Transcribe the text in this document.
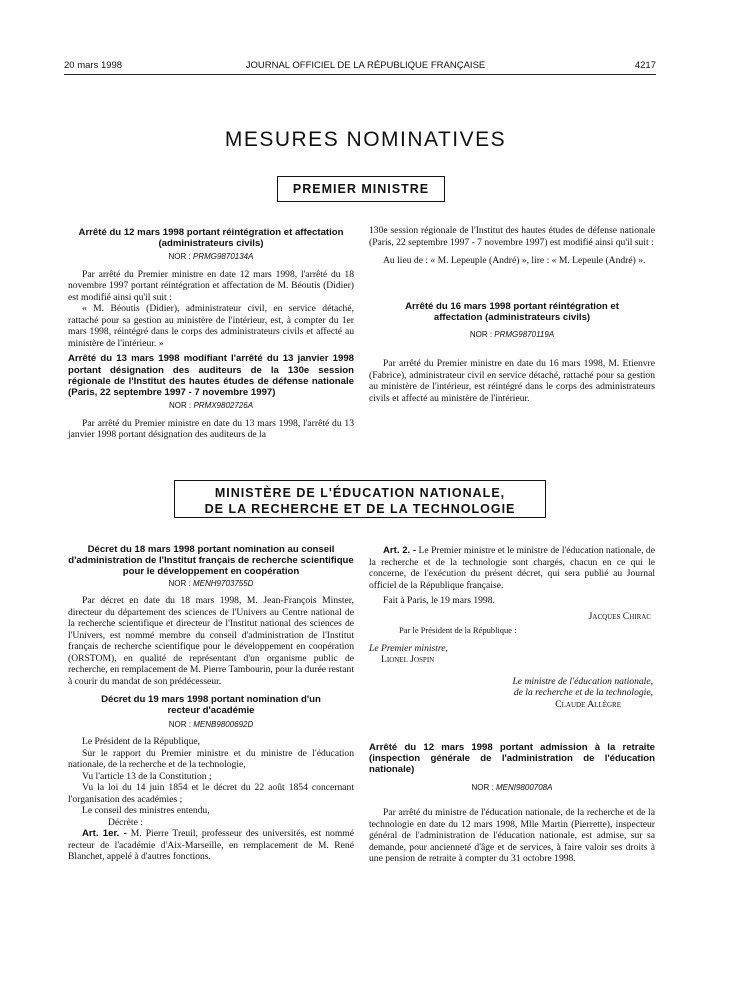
20 mars 1998	JOURNAL OFFICIEL DE LA RÉPUBLIQUE FRANÇAISE	4217
MESURES NOMINATIVES
PREMIER MINISTRE
Arrêté du 12 mars 1998 portant réintégration et affectation (administrateurs civils)
NOR : PRMG9870134A

Par arrêté du Premier ministre en date 12 mars 1998, l'arrêté du 18 novembre 1997 portant réintégration et affectation de M. Béoutis (Didier) est modifié ainsi qu'il suit :

« M. Béoutis (Didier), administrateur civil, en service détaché, rattaché pour sa gestion au ministère de l'intérieur, est, à compter du 1er mars 1998, réintégré dans le corps des administrateurs civils et affecté au ministère de l'intérieur. »

Arrêté du 13 mars 1998 modifiant l'arrêté du 13 janvier 1998 portant désignation des auditeurs de la 130e session régionale de l'Institut des hautes études de défense nationale (Paris, 22 septembre 1997 - 7 novembre 1997)
NOR : PRMX9802726A

Par arrêté du Premier ministre en date du 13 mars 1998, l'arrêté du 13 janvier 1998 portant désignation des auditeurs de la

130e session régionale de l'Institut des hautes études de défense nationale (Paris, 22 septembre 1997 - 7 novembre 1997) est modifié ainsi qu'il suit :

Au lieu de : « M. Lepeuple (André) », lire : « M. Lepeule (André) ».

Arrêté du 16 mars 1998 portant réintégration et affectation (administrateurs civils)
NOR : PRMG9870119A

Par arrêté du Premier ministre en date du 16 mars 1998, M. Etienvre (Fabrice), administrateur civil en service détaché, rattaché pour sa gestion au ministère de l'intérieur, est réintégré dans le corps des administrateurs civils et affecté au ministère de l'intérieur.

MINISTÈRE DE L'ÉDUCATION NATIONALE,
DE LA RECHERCHE ET DE LA TECHNOLOGIE
Décret du 18 mars 1998 portant nomination au conseil d'administration de l'Institut français de recherche scientifique pour le développement en coopération
NOR : MENH9703755D

Par décret en date du 18 mars 1998, M. Jean-François Minster, directeur du département des sciences de l'Univers au Centre national de la recherche scientifique et directeur de l'Institut national des sciences de l'Univers, est nommé membre du conseil d'administration de l'Institut français de recherche scientifique pour le développement en coopération (ORSTOM), en qualité de représentant d'un organisme public de recherche, en remplacement de M. Pierre Tambourin, pour la durée restant à courir du mandat de son prédécesseur.

Décret du 19 mars 1998 portant nomination d'un recteur d'académie
NOR : MENB9800692D

Le Président de la République,

Sur le rapport du Premier ministre et du ministre de l'éducation nationale, de la recherche et de la technologie,

Vu l'article 13 de la Constitution ;

Vu la loi du 14 juin 1854 et le décret du 22 août 1854 concernant l'organisation des académies ;

Le conseil des ministres entendu,

Décrète :

Art. 1er. - M. Pierre Treuil, professeur des universités, est nommé recteur de l'académie d'Aix-Marseille, en remplacement de M. René Blanchet, appelé à d'autres fonctions.

Art. 2. - Le Premier ministre et le ministre de l'éducation nationale, de la recherche et de la technologie sont chargés, chacun en ce qui le concerne, de l'exécution du présent décret, qui sera publié au Journal officiel de la République française.

Fait à Paris, le 19 mars 1998.

Jacques Chirac

Par le Président de la République :

Le Premier ministre,

Lionel Jospin

Le ministre de l'éducation nationale,

de la recherche et de la technologie,

Claude Allègre

Arrêté du 12 mars 1998 portant admission à la retraite (inspection générale de l'administration de l'éducation nationale)
NOR : MENI9800708A

Par arrêté du ministre de l'éducation nationale, de la recherche et de la technologie en date du 12 mars 1998, Mlle Martin (Pierrette), inspecteur général de l'administration de l'éducation nationale, est admise, sur sa demande, pour ancienneté d'âge et de services, à faire valoir ses droits à une pension de retraite à compter du 31 octobre 1998.
